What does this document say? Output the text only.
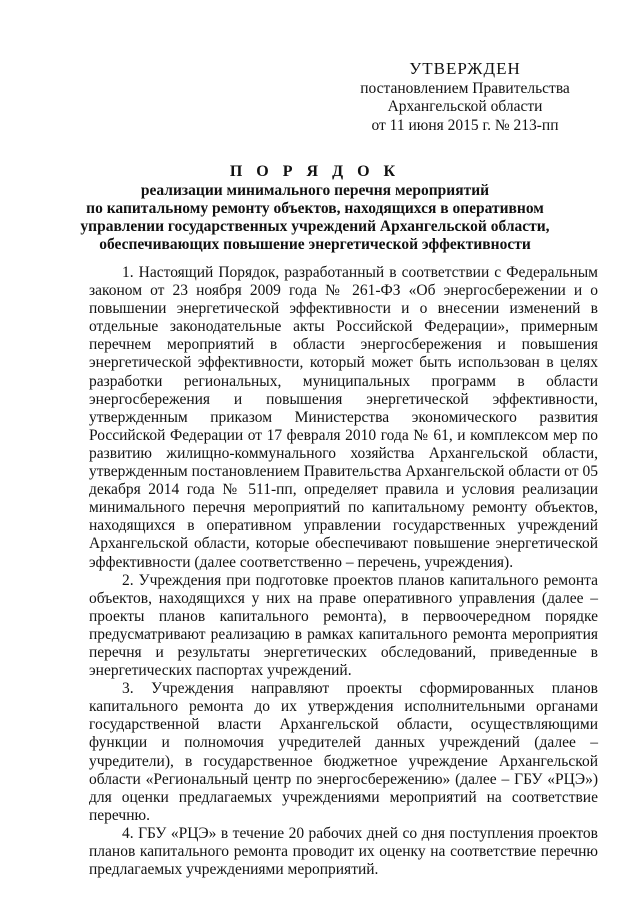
УТВЕРЖДЕН
постановлением Правительства
Архангельской области
от 11 июня 2015 г. № 213-пп
П О Р Я Д О К
реализации минимального перечня мероприятий
по капитальному ремонту объектов, находящихся в оперативном
управлении государственных учреждений Архангельской области,
обеспечивающих повышение энергетической эффективности

1. Настоящий Порядок, разработанный в соответствии с Федеральным законом от 23 ноября 2009 года № 261-ФЗ «Об энергосбережении и о повышении энергетической эффективности и о внесении изменений в отдельные законодательные акты Российской Федерации», примерным перечнем мероприятий в области энергосбережения и повышения энергетической эффективности, который может быть использован в целях разработки региональных, муниципальных программ в области энергосбережения и повышения энергетической эффективности, утвержденным приказом Министерства экономического развития Российской Федерации от 17 февраля 2010 года № 61, и комплексом мер по развитию жилищно-коммунального хозяйства Архангельской области, утвержденным постановлением Правительства Архангельской области от 05 декабря 2014 года № 511-пп, определяет правила и условия реализации минимального перечня мероприятий по капитальному ремонту объектов, находящихся в оперативном управлении государственных учреждений Архангельской области, которые обеспечивают повышение энергетической эффективности (далее соответственно – перечень, учреждения).

2. Учреждения при подготовке проектов планов капитального ремонта объектов, находящихся у них на праве оперативного управления (далее – проекты планов капитального ремонта), в первоочередном порядке предусматривают реализацию в рамках капитального ремонта мероприятия перечня и результаты энергетических обследований, приведенные в энергетических паспортах учреждений.

3. Учреждения направляют проекты сформированных планов капитального ремонта до их утверждения исполнительными органами государственной власти Архангельской области, осуществляющими функции и полномочия учредителей данных учреждений (далее – учредители), в государственное бюджетное учреждение Архангельской области «Региональный центр по энергосбережению» (далее – ГБУ «РЦЭ») для оценки предлагаемых учреждениями мероприятий на соответствие перечню.

4. ГБУ «РЦЭ» в течение 20 рабочих дней со дня поступления проектов планов капитального ремонта проводит их оценку на соответствие перечню предлагаемых учреждениями мероприятий.
